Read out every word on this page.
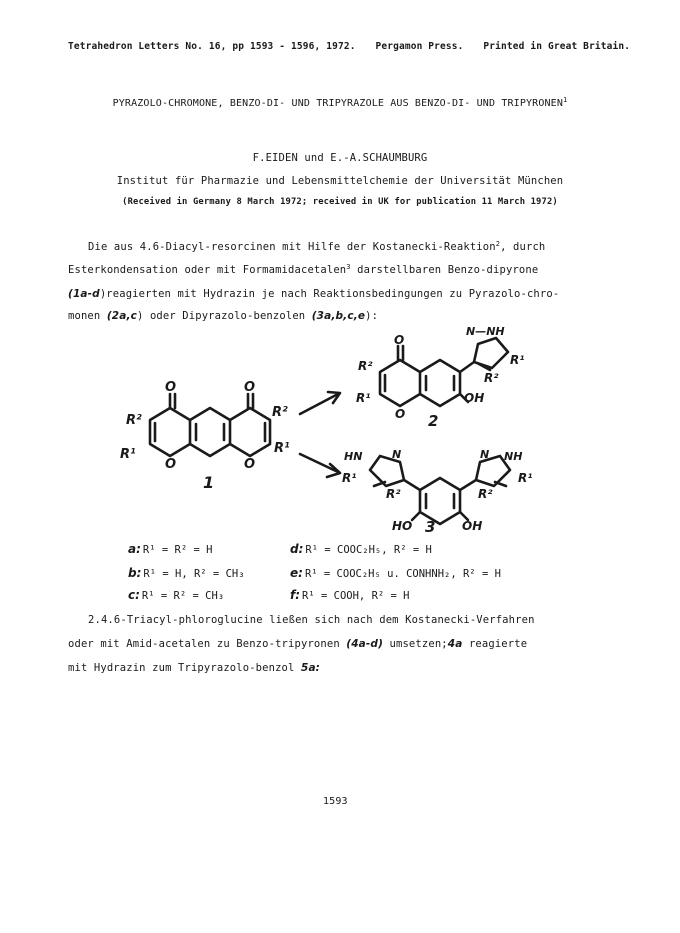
Tetrahedron Letters No. 16, pp 1593 - 1596, 1972. Pergamon Press. Printed in Great Britain.
PYRAZOLO-CHROMONE, BENZO-DI- UND TRIPYRAZOLE AUS BENZO-DI- UND TRIPYRONEN$^1$
F.EIDEN und E.-A.SCHAUMBURG
Institut für Pharmazie und Lebensmittelchemie der Universität München
(Received in Germany 8 March 1972; received in UK for publication 11 March 1972)
Die aus 4.6-Diacyl-resorcinen mit Hilfe der Kostanecki-Reaktion$^2$, durch
Esterkondensation oder mit Formamidacetalen$^3$ darstellbaren Benzo-dipyrone
(1a-d)reagierten mit Hydrazin je nach Reaktionsbedingungen zu Pyrazolo-chro-
monen (2a,c) oder Dipyrazolo-benzolen (3a,b,c,e):
R²
R¹
R²
R¹
O	O
O	O
1
N—NH
R¹
R²
R²
R¹
O
O
OH
2
HN	N
R¹
N NH
R¹
R²	R²
HO	OH
3
a: R¹ = R² = H	d: R¹ = COOC₂H₅, R² = H
b: R¹ = H, R² = CH₃	e: R¹ = COOC₂H₅ u. CONHNH₂, R² = H
c: R¹ = R² = CH₃	f: R¹ = COOH, R² = H
2.4.6-Triacyl-phloroglucine ließen sich nach dem Kostanecki-Verfahren
oder mit Amid-acetalen zu Benzo-tripyronen (4a-d) umsetzen;4a reagierte
mit Hydrazin zum Tripyrazolo-benzol 5a:
1593
